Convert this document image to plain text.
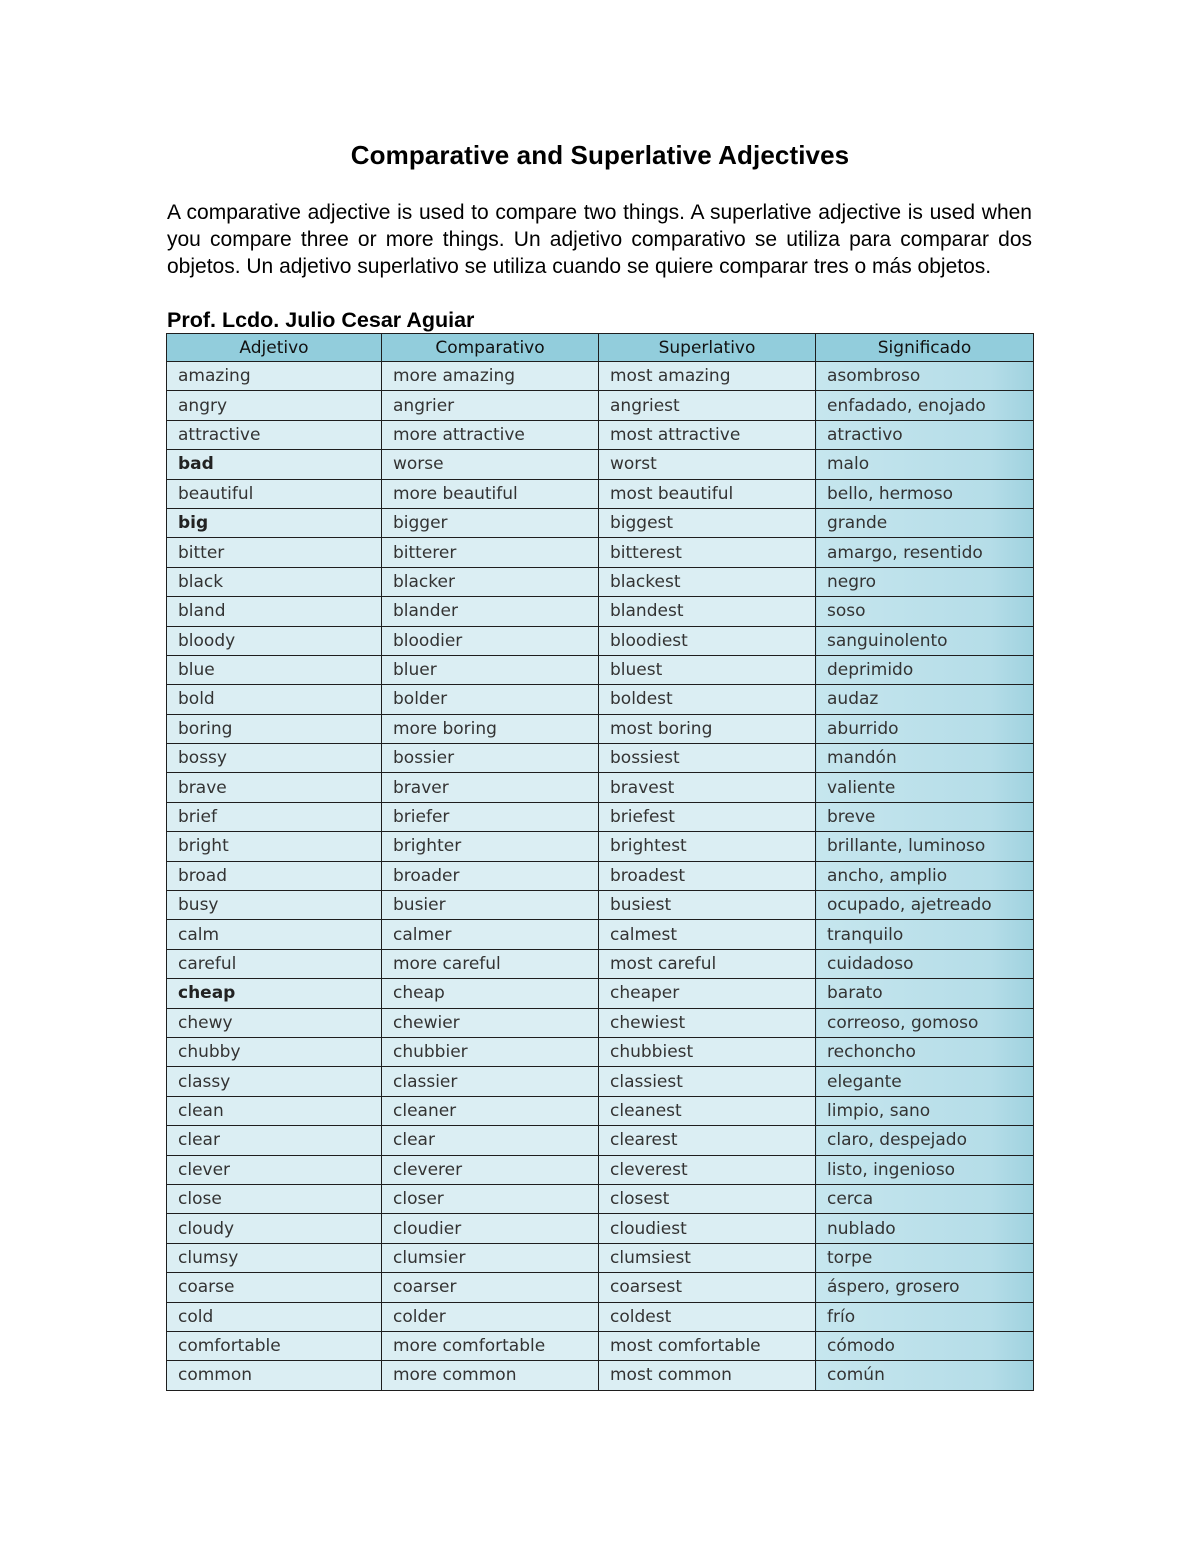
Comparative and Superlative Adjectives

A comparative adjective is used to compare two things. A superlative adjective is used when you compare three or more things. Un adjetivo comparativo se utiliza para comparar dos objetos. Un adjetivo superlativo se utiliza cuando se quiere comparar tres o más objetos.

Prof. Lcdo. Julio Cesar Aguiar
Adjetivo	Comparativo	Superlativo	Significado
amazing	more amazing	most amazing	asombroso
angry	angrier	angriest	enfadado, enojado
attractive	more attractive	most attractive	atractivo
bad	worse	worst	malo
beautiful	more beautiful	most beautiful	bello, hermoso
big	bigger	biggest	grande
bitter	bitterer	bitterest	amargo, resentido
black	blacker	blackest	negro
bland	blander	blandest	soso
bloody	bloodier	bloodiest	sanguinolento
blue	bluer	bluest	deprimido
bold	bolder	boldest	audaz
boring	more boring	most boring	aburrido
bossy	bossier	bossiest	mandón
brave	braver	bravest	valiente
brief	briefer	briefest	breve
bright	brighter	brightest	brillante, luminoso
broad	broader	broadest	ancho, amplio
busy	busier	busiest	ocupado, ajetreado
calm	calmer	calmest	tranquilo
careful	more careful	most careful	cuidadoso
cheap	cheap	cheaper	barato
chewy	chewier	chewiest	correoso, gomoso
chubby	chubbier	chubbiest	rechoncho
classy	classier	classiest	elegante
clean	cleaner	cleanest	limpio, sano
clear	clear	clearest	claro, despejado
clever	cleverer	cleverest	listo, ingenioso
close	closer	closest	cerca
cloudy	cloudier	cloudiest	nublado
clumsy	clumsier	clumsiest	torpe
coarse	coarser	coarsest	áspero, grosero
cold	colder	coldest	frío
comfortable	more comfortable	most comfortable	cómodo
common	more common	most common	común
